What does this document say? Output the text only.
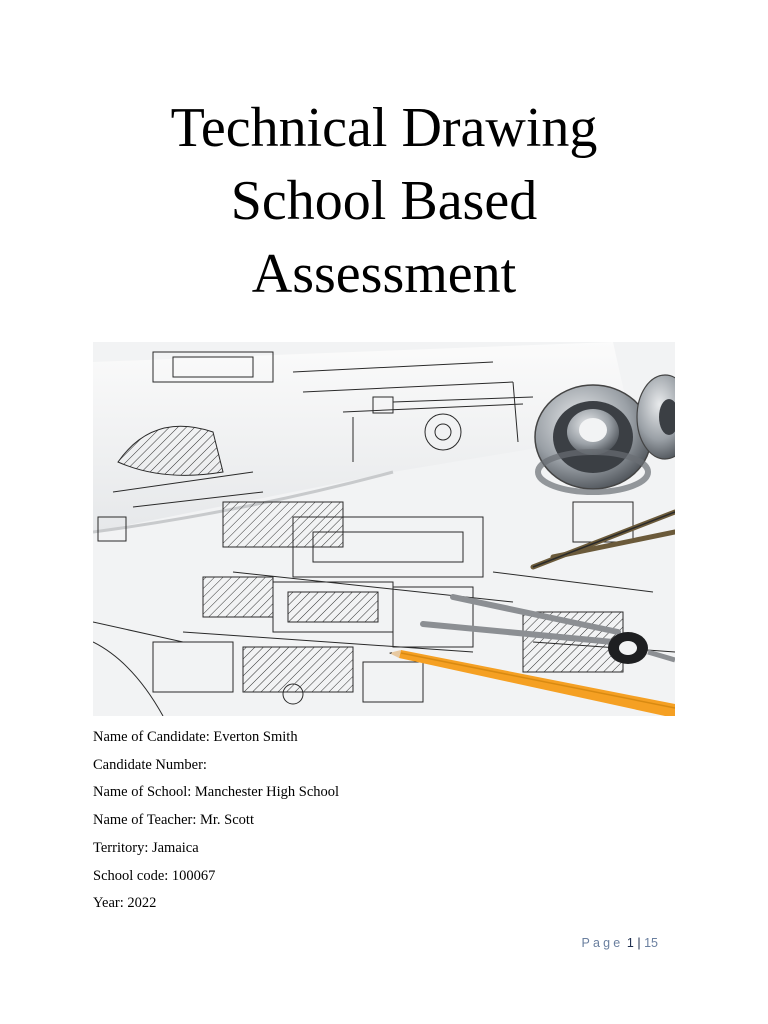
Technical Drawing
School Based
Assessment
Name of Candidate: Everton Smith
Candidate Number:
Name of School: Manchester High School
Name of Teacher: Mr. Scott
Territory: Jamaica
School code: 100067
Year: 2022
Page 1 | 15
